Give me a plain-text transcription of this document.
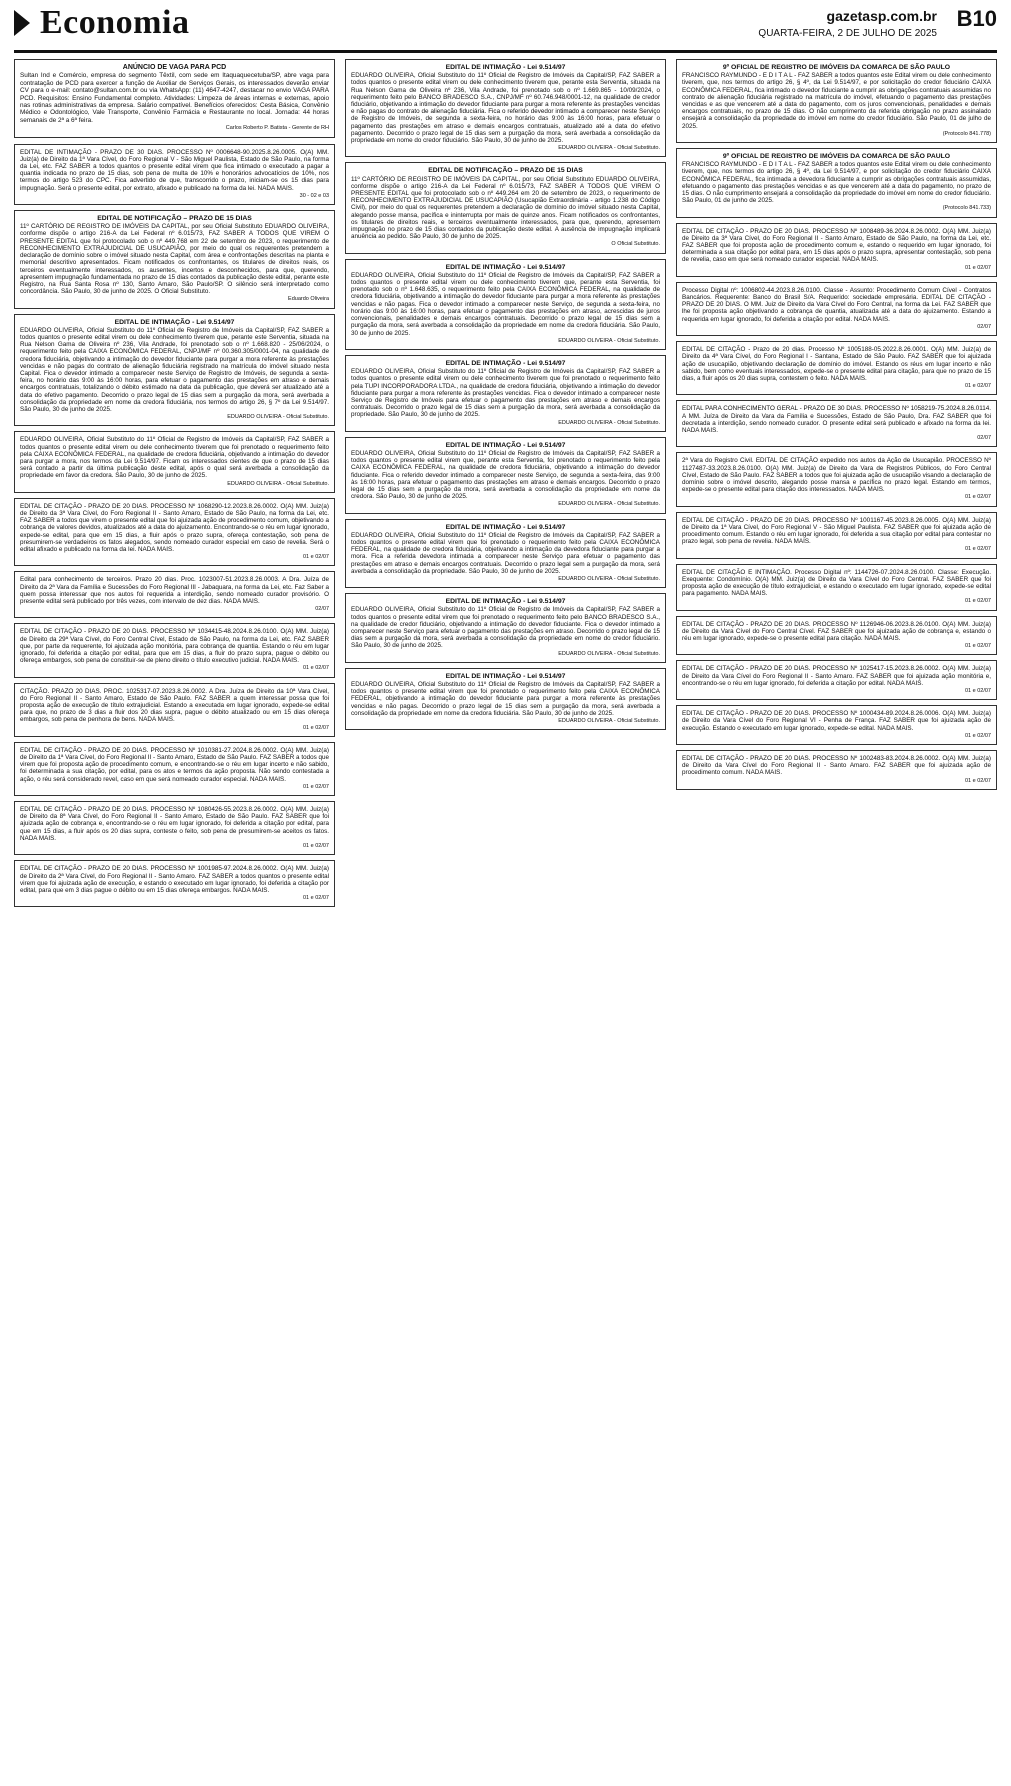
Economia	gazetasp.com.br
QUARTA-FEIRA, 2 DE JULHO DE 2025
B10
ANÚNCIO DE VAGA PARA PCD
Sultan Ind e Comércio, empresa do segmento Têxtil, com sede em Itaquaquecetuba/SP, abre vaga para contratação de PCD para exercer a função de Auxiliar de Serviços Gerais, os interessados deverão enviar CV para o e-mail: contato@sultan.com.br ou via WhatsApp: (11) 4647-4247, destacar no envio VAGA PARA PCD. Requisitos: Ensino Fundamental completo. Atividades: Limpeza de áreas internas e externas, apoio nas rotinas administrativas da empresa. Salário compatível. Benefícios oferecidos: Cesta Básica, Convênio Médico e Odontológico, Vale Transporte, Convênio Farmácia e Restaurante no local. Jornada: 44 horas semanais de 2ª a 6ª feira.
Carlos Roberto P. Batista - Gerente de RH
EDITAL DE INTIMAÇÃO - PRAZO DE 30 DIAS. PROCESSO Nº 0006648-90.2025.8.26.0005. O(A) MM. Juiz(a) de Direito da 1ª Vara Cível, do Foro Regional V - São Miguel Paulista, Estado de São Paulo, na forma da Lei, etc. FAZ SABER a todos quantos o presente edital virem que fica intimado o executado a pagar a quantia indicada no prazo de 15 dias, sob pena de multa de 10% e honorários advocatícios de 10%, nos termos do artigo 523 do CPC. Fica advertido de que, transcorrido o prazo, iniciam-se os 15 dias para impugnação. Será o presente edital, por extrato, afixado e publicado na forma da lei. NADA MAIS.
30 - 02 e 03
EDITAL DE NOTIFICAÇÃO – PRAZO DE 15 DIAS
11º CARTÓRIO DE REGISTRO DE IMÓVEIS DA CAPITAL, por seu Oficial Substituto EDUARDO OLIVEIRA, conforme dispõe o artigo 216-A da Lei Federal nº 6.015/73, FAZ SABER A TODOS QUE VIREM O PRESENTE EDITAL que foi protocolado sob o nº 449.768 em 22 de setembro de 2023, o requerimento de RECONHECIMENTO EXTRAJUDICIAL DE USUCAPIÃO, por meio do qual os requerentes pretendem a declaração de domínio sobre o imóvel situado nesta Capital, com área e confrontações descritas na planta e memorial descritivo apresentados. Ficam notificados os confrontantes, os titulares de direitos reais, os terceiros eventualmente interessados, os ausentes, incertos e desconhecidos, para que, querendo, apresentem impugnação fundamentada no prazo de 15 dias contados da publicação deste edital, perante este Registro, na Rua Santa Rosa nº 130, Santo Amaro, São Paulo/SP. O silêncio será interpretado como concordância. São Paulo, 30 de junho de 2025. O Oficial Substituto.
Eduardo Oliveira
EDITAL DE INTIMAÇÃO - Lei 9.514/97
EDUARDO OLIVEIRA, Oficial Substituto do 11º Oficial de Registro de Imóveis da Capital/SP, FAZ SABER a todos quantos o presente edital virem ou dele conhecimento tiverem que, perante este Serventia, situada na Rua Nelson Gama de Oliveira nº 236, Vila Andrade, foi prenotado sob o nº 1.668.820 - 25/06/2024, o requerimento feito pela CAIXA ECONÔMICA FEDERAL, CNPJ/MF nº 00.360.305/0001-04, na qualidade de credora fiduciária, objetivando a intimação do devedor fiduciante para purgar a mora referente às prestações vencidas e não pagas do contrato de alienação fiduciária registrado na matrícula do imóvel situado nesta Capital. Fica o devedor intimado a comparecer neste Serviço de Registro de Imóveis, de segunda a sexta-feira, no horário das 9:00 às 16:00 horas, para efetuar o pagamento das prestações em atraso e demais encargos contratuais, totalizando o débito estimado na data da publicação, que deverá ser atualizado até a data do efetivo pagamento. Decorrido o prazo legal de 15 dias sem a purgação da mora, será averbada a consolidação da propriedade em nome da credora fiduciária, nos termos do artigo 26, § 7º da Lei 9.514/97. São Paulo, 30 de junho de 2025.
EDUARDO OLIVEIRA - Oficial Substituto.
EDUARDO OLIVEIRA, Oficial Substituto do 11º Oficial de Registro de Imóveis da Capital/SP, FAZ SABER a todos quantos o presente edital virem ou dele conhecimento tiverem que foi prenotado o requerimento feito pela CAIXA ECONÔMICA FEDERAL, na qualidade de credora fiduciária, objetivando a intimação do devedor para purgar a mora, nos termos da Lei 9.514/97. Ficam os interessados cientes de que o prazo de 15 dias será contado a partir da última publicação deste edital, após o qual será averbada a consolidação da propriedade em favor da credora. São Paulo, 30 de junho de 2025.
EDUARDO OLIVEIRA - Oficial Substituto.
EDITAL DE CITAÇÃO - PRAZO DE 20 DIAS. PROCESSO Nº 1068290-12.2023.8.26.0002. O(A) MM. Juiz(a) de Direito da 3ª Vara Cível, do Foro Regional II - Santo Amaro, Estado de São Paulo, na forma da Lei, etc. FAZ SABER a todos que virem o presente edital que foi ajuizada ação de procedimento comum, objetivando a cobrança de valores devidos, atualizados até a data do ajuizamento. Encontrando-se o réu em lugar ignorado, expede-se edital, para que em 15 dias, a fluir após o prazo supra, ofereça contestação, sob pena de presumirem-se verdadeiros os fatos alegados, sendo nomeado curador especial em caso de revelia. Será o edital afixado e publicado na forma da lei. NADA MAIS.
01 e 02/07
Edital para conhecimento de terceiros. Prazo 20 dias. Proc. 1023007-51.2023.8.26.0003. A Dra. Juíza de Direito da 2ª Vara da Família e Sucessões do Foro Regional III - Jabaquara, na forma da Lei, etc. Faz Saber a quem possa interessar que nos autos foi requerida a interdição, sendo nomeado curador provisório. O presente edital será publicado por três vezes, com intervalo de dez dias. NADA MAIS.
02/07
EDITAL DE CITAÇÃO - PRAZO DE 20 DIAS. PROCESSO Nº 1034415-48.2024.8.26.0100. O(A) MM. Juiz(a) de Direito da 29ª Vara Cível, do Foro Central Cível, Estado de São Paulo, na forma da Lei, etc. FAZ SABER que, por parte da requerente, foi ajuizada ação monitória, para cobrança de quantia. Estando o réu em lugar ignorado, foi deferida a citação por edital, para que em 15 dias, a fluir do prazo supra, pague o débito ou ofereça embargos, sob pena de constituir-se de pleno direito o título executivo judicial. NADA MAIS.
01 e 02/07
CITAÇÃO. PRAZO 20 DIAS. PROC. 1025317-07.2023.8.26.0002. A Dra. Juíza de Direito da 10ª Vara Cível, do Foro Regional II - Santo Amaro, Estado de São Paulo. FAZ SABER a quem interessar possa que foi proposta ação de execução de título extrajudicial. Estando a executada em lugar ignorado, expede-se edital para que, no prazo de 3 dias a fluir dos 20 dias supra, pague o débito atualizado ou em 15 dias ofereça embargos, sob pena de penhora de bens. NADA MAIS.
01 e 02/07
EDITAL DE CITAÇÃO - PRAZO DE 20 DIAS. PROCESSO Nº 1010381-27.2024.8.26.0002. O(A) MM. Juiz(a) de Direito da 1ª Vara Cível, do Foro Regional II - Santo Amaro, Estado de São Paulo. FAZ SABER a todos que virem que foi proposta ação de procedimento comum, e encontrando-se o réu em lugar incerto e não sabido, foi determinada a sua citação, por edital, para os atos e termos da ação proposta. Não sendo contestada a ação, o réu será considerado revel, caso em que será nomeado curador especial. NADA MAIS.
01 e 02/07
EDITAL DE CITAÇÃO - PRAZO DE 20 DIAS. PROCESSO Nº 1080426-55.2023.8.26.0002. O(A) MM. Juiz(a) de Direito da 8ª Vara Cível, do Foro Regional II - Santo Amaro, Estado de São Paulo. FAZ SABER que foi ajuizada ação de cobrança e, encontrando-se o réu em lugar ignorado, foi deferida a citação por edital, para que em 15 dias, a fluir após os 20 dias supra, conteste o feito, sob pena de presumirem-se aceitos os fatos. NADA MAIS.
01 e 02/07
EDITAL DE CITAÇÃO - PRAZO DE 20 DIAS. PROCESSO Nº 1001985-97.2024.8.26.0002. O(A) MM. Juiz(a) de Direito da 2ª Vara Cível, do Foro Regional II - Santo Amaro. FAZ SABER a todos quantos o presente edital virem que foi ajuizada ação de execução, e estando o executado em lugar ignorado, foi deferida a citação por edital, para que em 3 dias pague o débito ou em 15 dias ofereça embargos. NADA MAIS.
01 e 02/07
EDITAL DE INTIMAÇÃO - Lei 9.514/97
EDUARDO OLIVEIRA, Oficial Substituto do 11º Oficial de Registro de Imóveis da Capital/SP, FAZ SABER a todos quantos o presente edital virem ou dele conhecimento tiverem que, perante esta Serventia, situada na Rua Nelson Gama de Oliveira nº 236, Vila Andrade, foi prenotado sob o nº 1.669.865 - 10/09/2024, o requerimento feito pelo BANCO BRADESCO S.A., CNPJ/MF nº 60.746.948/0001-12, na qualidade de credor fiduciário, objetivando a intimação do devedor fiduciante para purgar a mora referente às prestações vencidas e não pagas do contrato de alienação fiduciária. Fica o referido devedor intimado a comparecer neste Serviço de Registro de Imóveis, de segunda a sexta-feira, no horário das 9:00 às 16:00 horas, para efetuar o pagamento das prestações em atraso e demais encargos contratuais, atualizado até a data do efetivo pagamento. Decorrido o prazo legal de 15 dias sem a purgação da mora, será averbada a consolidação da propriedade em nome do credor fiduciário. São Paulo, 30 de junho de 2025.
EDUARDO OLIVEIRA - Oficial Substituto.
EDITAL DE NOTIFICAÇÃO – PRAZO DE 15 DIAS
11º CARTÓRIO DE REGISTRO DE IMÓVEIS DA CAPITAL, por seu Oficial Substituto EDUARDO OLIVEIRA, conforme dispõe o artigo 216-A da Lei Federal nº 6.015/73, FAZ SABER A TODOS QUE VIREM O PRESENTE EDITAL que foi protocolado sob o nº 449.264 em 20 de setembro de 2023, o requerimento de RECONHECIMENTO EXTRAJUDICIAL DE USUCAPIÃO (Usucapião Extraordinária - artigo 1.238 do Código Civil), por meio do qual os requerentes pretendem a declaração de domínio do imóvel situado nesta Capital, alegando posse mansa, pacífica e ininterrupta por mais de quinze anos. Ficam notificados os confrontantes, os titulares de direitos reais, e terceiros eventualmente interessados, para que, querendo, apresentem impugnação no prazo de 15 dias contados da publicação deste edital. A ausência de impugnação implicará anuência ao pedido. São Paulo, 30 de junho de 2025.
O Oficial Substituto.
EDITAL DE INTIMAÇÃO - Lei 9.514/97
EDUARDO OLIVEIRA, Oficial Substituto do 11º Oficial de Registro de Imóveis da Capital/SP, FAZ SABER a todos quantos o presente edital virem ou dele conhecimento tiverem que, perante esta Serventia, foi prenotado sob o nº 1.648.635, o requerimento feito pela CAIXA ECONÔMICA FEDERAL, na qualidade de credora fiduciária, objetivando a intimação do devedor fiduciante para purgar a mora referente às prestações vencidas e não pagas. Fica o devedor intimado a comparecer neste Serviço, de segunda a sexta-feira, no horário das 9:00 às 16:00 horas, para efetuar o pagamento das prestações em atraso, acrescidas de juros convencionais, penalidades e demais encargos contratuais. Decorrido o prazo legal de 15 dias sem a purgação da mora, será averbada a consolidação da propriedade em nome da credora fiduciária. São Paulo, 30 de junho de 2025.
EDUARDO OLIVEIRA - Oficial Substituto.
EDITAL DE INTIMAÇÃO - Lei 9.514/97
EDUARDO OLIVEIRA, Oficial Substituto do 11º Oficial de Registro de Imóveis da Capital/SP, FAZ SABER a todos quantos o presente edital virem ou dele conhecimento tiverem que foi prenotado o requerimento feito pela TUPI INCORPORADORA LTDA., na qualidade de credora fiduciária, objetivando a intimação do devedor fiduciante para purgar a mora referente às prestações vencidas. Fica o devedor intimado a comparecer neste Serviço de Registro de Imóveis para efetuar o pagamento das prestações em atraso e demais encargos contratuais. Decorrido o prazo legal de 15 dias sem a purgação da mora, será averbada a consolidação da propriedade. São Paulo, 30 de junho de 2025.
EDUARDO OLIVEIRA - Oficial Substituto.
EDITAL DE INTIMAÇÃO - Lei 9.514/97
EDUARDO OLIVEIRA, Oficial Substituto do 11º Oficial de Registro de Imóveis da Capital/SP, FAZ SABER a todos quantos o presente edital virem que, perante esta Serventia, foi prenotado o requerimento feito pela CAIXA ECONÔMICA FEDERAL, na qualidade de credora fiduciária, objetivando a intimação do devedor fiduciante. Fica o referido devedor intimado a comparecer neste Serviço, de segunda a sexta-feira, das 9:00 às 16:00 horas, para efetuar o pagamento das prestações em atraso e demais encargos. Decorrido o prazo legal de 15 dias sem a purgação da mora, será averbada a consolidação da propriedade em nome da credora. São Paulo, 30 de junho de 2025.
EDUARDO OLIVEIRA - Oficial Substituto.
EDITAL DE INTIMAÇÃO - Lei 9.514/97
EDUARDO OLIVEIRA, Oficial Substituto do 11º Oficial de Registro de Imóveis da Capital/SP, FAZ SABER a todos quantos o presente edital virem que foi prenotado o requerimento feito pela CAIXA ECONÔMICA FEDERAL, na qualidade de credora fiduciária, objetivando a intimação da devedora fiduciante para purgar a mora. Fica a referida devedora intimada a comparecer neste Serviço para efetuar o pagamento das prestações em atraso e demais encargos contratuais. Decorrido o prazo legal sem a purgação da mora, será averbada a consolidação da propriedade. São Paulo, 30 de junho de 2025.
EDUARDO OLIVEIRA - Oficial Substituto.
EDITAL DE INTIMAÇÃO - Lei 9.514/97
EDUARDO OLIVEIRA, Oficial Substituto do 11º Oficial de Registro de Imóveis da Capital/SP, FAZ SABER a todos quantos o presente edital virem que foi prenotado o requerimento feito pelo BANCO BRADESCO S.A., na qualidade de credor fiduciário, objetivando a intimação do devedor fiduciante. Fica o devedor intimado a comparecer neste Serviço para efetuar o pagamento das prestações em atraso. Decorrido o prazo legal de 15 dias sem a purgação da mora, será averbada a consolidação da propriedade em nome do credor fiduciário. São Paulo, 30 de junho de 2025.
EDUARDO OLIVEIRA - Oficial Substituto.
EDITAL DE INTIMAÇÃO - Lei 9.514/97
EDUARDO OLIVEIRA, Oficial Substituto do 11º Oficial de Registro de Imóveis da Capital/SP, FAZ SABER a todos quantos o presente edital virem que foi prenotado o requerimento feito pela CAIXA ECONÔMICA FEDERAL, objetivando a intimação do devedor fiduciante para purgar a mora referente às prestações vencidas e não pagas. Decorrido o prazo legal de 15 dias sem a purgação da mora, será averbada a consolidação da propriedade em nome da credora fiduciária. São Paulo, 30 de junho de 2025.
EDUARDO OLIVEIRA - Oficial Substituto.
9º OFICIAL DE REGISTRO DE IMÓVEIS DA COMARCA DE SÃO PAULO
FRANCISCO RAYMUNDO - E D I T A L - FAZ SABER a todos quantos este Edital virem ou dele conhecimento tiverem, que, nos termos do artigo 26, § 4º, da Lei 9.514/97, e por solicitação do credor fiduciário CAIXA ECONÔMICA FEDERAL, fica intimado o devedor fiduciante a cumprir as obrigações contratuais assumidas no contrato de alienação fiduciária registrado na matrícula do imóvel, efetuando o pagamento das prestações vencidas e as que vencerem até a data do pagamento, com os juros convencionais, penalidades e demais encargos contratuais, no prazo de 15 dias. O não cumprimento da referida obrigação no prazo assinalado ensejará a consolidação da propriedade do imóvel em nome do credor fiduciário. São Paulo, 01 de julho de 2025.
(Protocolo 841.778)
9º OFICIAL DE REGISTRO DE IMÓVEIS DA COMARCA DE SÃO PAULO
FRANCISCO RAYMUNDO - E D I T A L - FAZ SABER a todos quantos este Edital virem ou dele conhecimento tiverem, que, nos termos do artigo 26, § 4º, da Lei 9.514/97, e por solicitação do credor fiduciário CAIXA ECONÔMICA FEDERAL, fica intimada a devedora fiduciante a cumprir as obrigações contratuais assumidas, efetuando o pagamento das prestações vencidas e as que vencerem até a data do pagamento, no prazo de 15 dias. O não cumprimento ensejará a consolidação da propriedade do imóvel em nome do credor fiduciário. São Paulo, 01 de junho de 2025.
(Protocolo 841.733)
EDITAL DE CITAÇÃO - PRAZO DE 20 DIAS. PROCESSO Nº 1008489-36.2024.8.26.0002. O(A) MM. Juiz(a) de Direito da 3ª Vara Cível, do Foro Regional II - Santo Amaro, Estado de São Paulo, na forma da Lei, etc. FAZ SABER que foi proposta ação de procedimento comum e, estando o requerido em lugar ignorado, foi determinada a sua citação por edital para, em 15 dias após o prazo supra, apresentar contestação, sob pena de revelia, caso em que será nomeado curador especial. NADA MAIS.
01 e 02/07
Processo Digital nº: 1006802-44.2023.8.26.0100. Classe - Assunto: Procedimento Comum Cível - Contratos Bancários. Requerente: Banco do Brasil S/A. Requerido: sociedade empresária. EDITAL DE CITAÇÃO - PRAZO DE 20 DIAS. O MM. Juiz de Direito da Vara Cível do Foro Central, na forma da Lei. FAZ SABER que lhe foi proposta ação objetivando a cobrança de quantia, atualizada até a data do ajuizamento. Estando a requerida em lugar ignorado, foi deferida a citação por edital. NADA MAIS.
02/07
EDITAL DE CITAÇÃO - Prazo de 20 dias. Processo Nº 1005188-05.2022.8.26.0001. O(A) MM. Juiz(a) de Direito da 4ª Vara Cível, do Foro Regional I - Santana, Estado de São Paulo. FAZ SABER que foi ajuizada ação de usucapião, objetivando declaração de domínio do imóvel. Estando os réus em lugar incerto e não sabido, bem como eventuais interessados, expede-se o presente edital para citação, para que no prazo de 15 dias, a fluir após os 20 dias supra, contestem o feito. NADA MAIS.
01 e 02/07
EDITAL PARA CONHECIMENTO GERAL - PRAZO DE 30 DIAS. PROCESSO Nº 1058219-75.2024.8.26.0114. A MM. Juíza de Direito da Vara da Família e Sucessões, Estado de São Paulo, Dra. FAZ SABER que foi decretada a interdição, sendo nomeado curador. O presente edital será publicado e afixado na forma da lei. NADA MAIS.
02/07
2ª Vara do Registro Civil. EDITAL DE CITAÇÃO expedido nos autos da Ação de Usucapião. PROCESSO Nº 1127487-33.2023.8.26.0100. O(A) MM. Juiz(a) de Direito da Vara de Registros Públicos, do Foro Central Cível, Estado de São Paulo. FAZ SABER a todos que foi ajuizada ação de usucapião visando a declaração de domínio sobre o imóvel descrito, alegando posse mansa e pacífica no prazo legal. Estando em termos, expede-se o presente edital para citação dos interessados. NADA MAIS.
01 e 02/07
EDITAL DE CITAÇÃO - PRAZO DE 20 DIAS. PROCESSO Nº 1001167-45.2023.8.26.0005. O(A) MM. Juiz(a) de Direito da 1ª Vara Cível, do Foro Regional V - São Miguel Paulista. FAZ SABER que foi ajuizada ação de procedimento comum. Estando o réu em lugar ignorado, foi deferida a sua citação por edital para contestar no prazo legal, sob pena de revelia. NADA MAIS.
01 e 02/07
EDITAL DE CITAÇÃO E INTIMAÇÃO. Processo Digital nº: 1144726-07.2024.8.26.0100. Classe: Execução. Exequente: Condomínio. O(A) MM. Juiz(a) de Direito da Vara Cível do Foro Central. FAZ SABER que foi proposta ação de execução de título extrajudicial, e estando o executado em lugar ignorado, expede-se edital para pagamento. NADA MAIS.
01 e 02/07
EDITAL DE CITAÇÃO - PRAZO DE 20 DIAS. PROCESSO Nº 1126946-06.2023.8.26.0100. O(A) MM. Juiz(a) de Direito da Vara Cível do Foro Central Cível. FAZ SABER que foi ajuizada ação de cobrança e, estando o réu em lugar ignorado, expede-se o presente edital para citação. NADA MAIS.
01 e 02/07
EDITAL DE CITAÇÃO - PRAZO DE 20 DIAS. PROCESSO Nº 1025417-15.2023.8.26.0002. O(A) MM. Juiz(a) de Direito da Vara Cível do Foro Regional II - Santo Amaro. FAZ SABER que foi ajuizada ação monitória e, encontrando-se o réu em lugar ignorado, foi deferida a citação por edital. NADA MAIS.
01 e 02/07
EDITAL DE CITAÇÃO - PRAZO DE 20 DIAS. PROCESSO Nº 1000434-89.2024.8.26.0006. O(A) MM. Juiz(a) de Direito da Vara Cível do Foro Regional VI - Penha de França. FAZ SABER que foi ajuizada ação de execução. Estando o executado em lugar ignorado, expede-se edital. NADA MAIS.
01 e 02/07
EDITAL DE CITAÇÃO - PRAZO DE 20 DIAS. PROCESSO Nº 1002483-83.2024.8.26.0002. O(A) MM. Juiz(a) de Direito da Vara Cível do Foro Regional II - Santo Amaro. FAZ SABER que foi ajuizada ação de procedimento comum. NADA MAIS.
01 e 02/07
